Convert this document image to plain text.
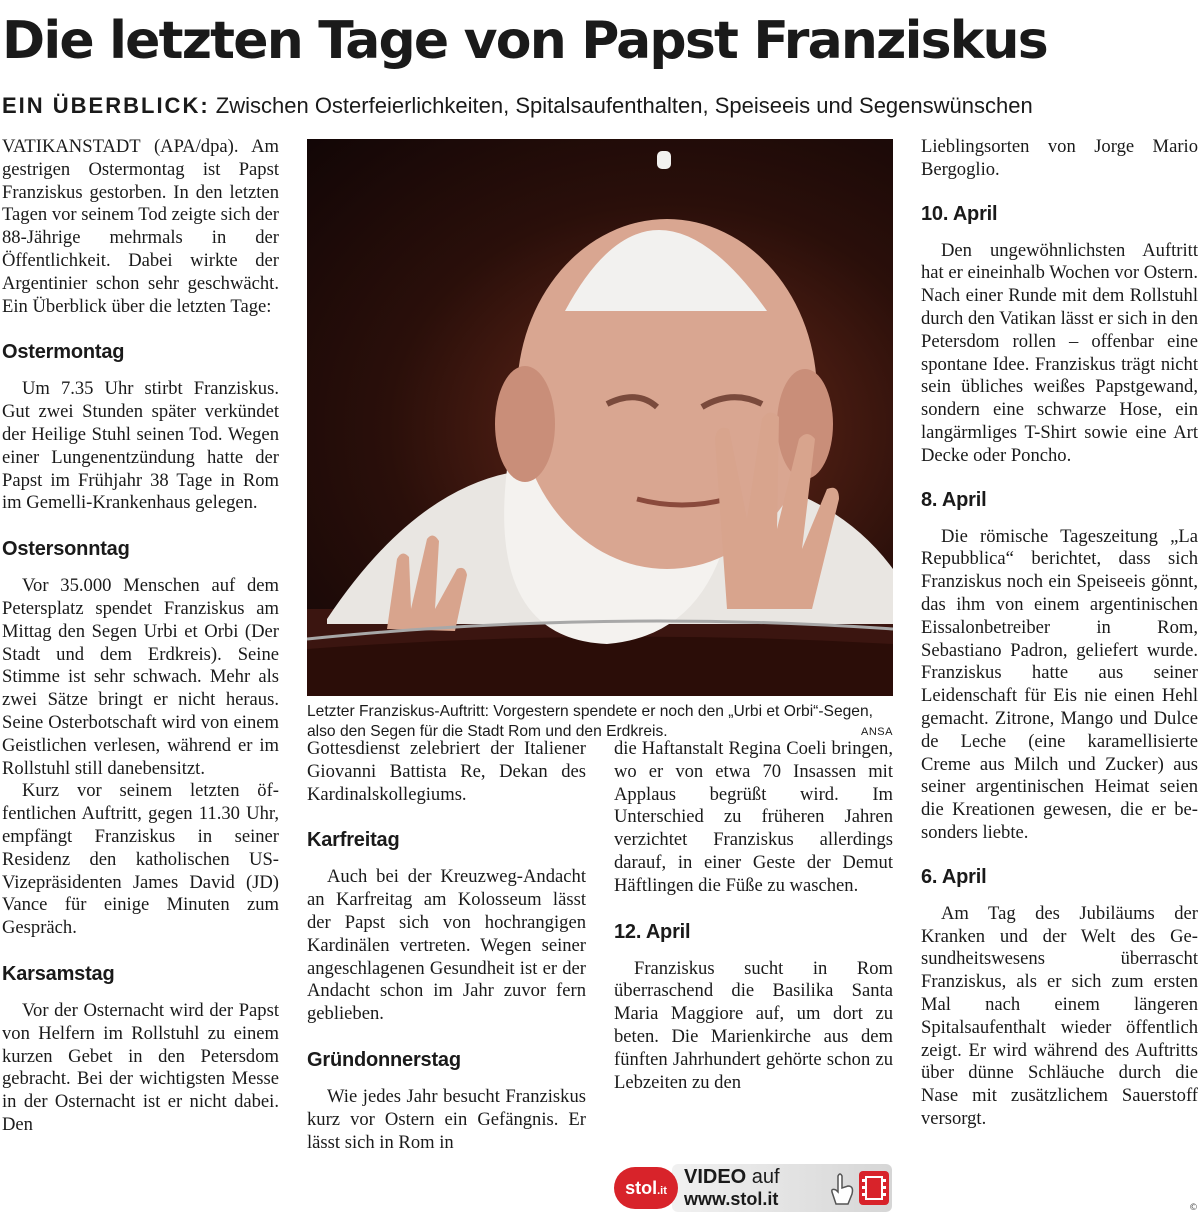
Die letzten Tage von Papst Franziskus
EIN ÜBERBLICK: Zwischen Osterfeierlichkeiten, Spitalsaufenthalten, Speiseeis und Segenswünschen

VATIKANSTADT (APA/dpa). Am gestrigen Ostermontag ist Papst Franziskus gestorben. In den letzten Tagen vor seinem Tod zeigte sich der 88-Jährige mehrmals in der Öffentlichkeit. Dabei wirkte der Argentinier schon sehr geschwächt. Ein Überblick über die letzten Tage:

Ostermontag

Um 7.35 Uhr stirbt Franziskus. Gut zwei Stunden später verkündet der Heilige Stuhl seinen Tod. Wegen einer Lungenentzündung hatte der Papst im Frühjahr 38 Tage in Rom im Gemelli-Krankenhaus gelegen.

Ostersonntag

Vor 35.000 Menschen auf dem Petersplatz spendet Franziskus am Mittag den Segen Urbi et Orbi (Der Stadt und dem Erdkreis). Seine Stimme ist sehr schwach. Mehr als zwei Sätze bringt er nicht heraus. Seine Osterbotschaft wird von einem Geistlichen verlesen, während er im Rollstuhl still danebensitzt.

Kurz vor seinem letzten öffentlichen Auftritt, gegen 11.30 Uhr, empfängt Franziskus in seiner Residenz den katholischen US-Vizepräsidenten James David (JD) Vance für einige Minuten zum Gespräch.

Karsamstag

Vor der Osternacht wird der Papst von Helfern im Rollstuhl zu einem kurzen Gebet in den Petersdom gebracht. Bei der wichtigsten Messe in der Osternacht ist er nicht dabei. Den

Letzter Franziskus-Auftritt: Vorgestern spendete er noch den „Urbi et Orbi“-Segen, also den Segen für die Stadt Rom und den Erdkreis.	ANSA

Gottesdienst zelebriert der Italiener Giovanni Battista Re, Dekan des Kardinalskollegiums.

Karfreitag

Auch bei der Kreuzweg-Andacht an Karfreitag am Kolosseum lässt der Papst sich von hochrangigen Kardinälen vertreten. Wegen seiner angeschlagenen Gesundheit ist er der Andacht schon im Jahr zuvor fern geblieben.

Gründonnerstag

Wie jedes Jahr besucht Franziskus kurz vor Ostern ein Gefängnis. Er lässt sich in Rom in

die Haftanstalt Regina Coeli bringen, wo er von etwa 70 Insassen mit Applaus begrüßt wird. Im Unterschied zu früheren Jahren verzichtet Franziskus allerdings darauf, in einer Geste der Demut Häftlingen die Füße zu waschen.

12. April

Franziskus sucht in Rom überraschend die Basilika Santa Maria Maggiore auf, um dort zu beten. Die Marienkirche aus dem fünften Jahrhundert gehörte schon zu Lebzeiten zu den

stol.it
VIDEO auf
www.stol.it

Lieblingsorten von Jorge Mario Bergoglio.

10. April

Den ungewöhnlichsten Auftritt hat er eineinhalb Wochen vor Ostern. Nach einer Runde mit dem Rollstuhl durch den Vatikan lässt er sich in den Petersdom rollen – offenbar eine spontane Idee. Franziskus trägt nicht sein übliches weißes Papstgewand, sondern eine schwarze Hose, ein langärmliges T-Shirt sowie eine Art Decke oder Poncho.

8. April

Die römische Tageszeitung „La Repubblica“ berichtet, dass sich Franziskus noch ein Speiseeis gönnt, das ihm von einem argentinischen Eissalonbetreiber in Rom, Sebastiano Padron, geliefert wurde. Franziskus hatte aus seiner Leidenschaft für Eis nie einen Hehl gemacht. Zitrone, Mango und Dulce de Leche (eine karamellisierte Creme aus Milch und Zucker) aus seiner argentinischen Heimat seien die Kreationen gewesen, die er besonders liebte.

6. April

Am Tag des Jubiläums der Kranken und der Welt des Gesundheitswesens überrascht Franziskus, als er sich zum ersten Mal nach einem längeren Spitalsaufenthalt wieder öffentlich zeigt. Er wird während des Auftritts über dünne Schläuche durch die Nase mit zusätzlichem Sauerstoff versorgt.

©
